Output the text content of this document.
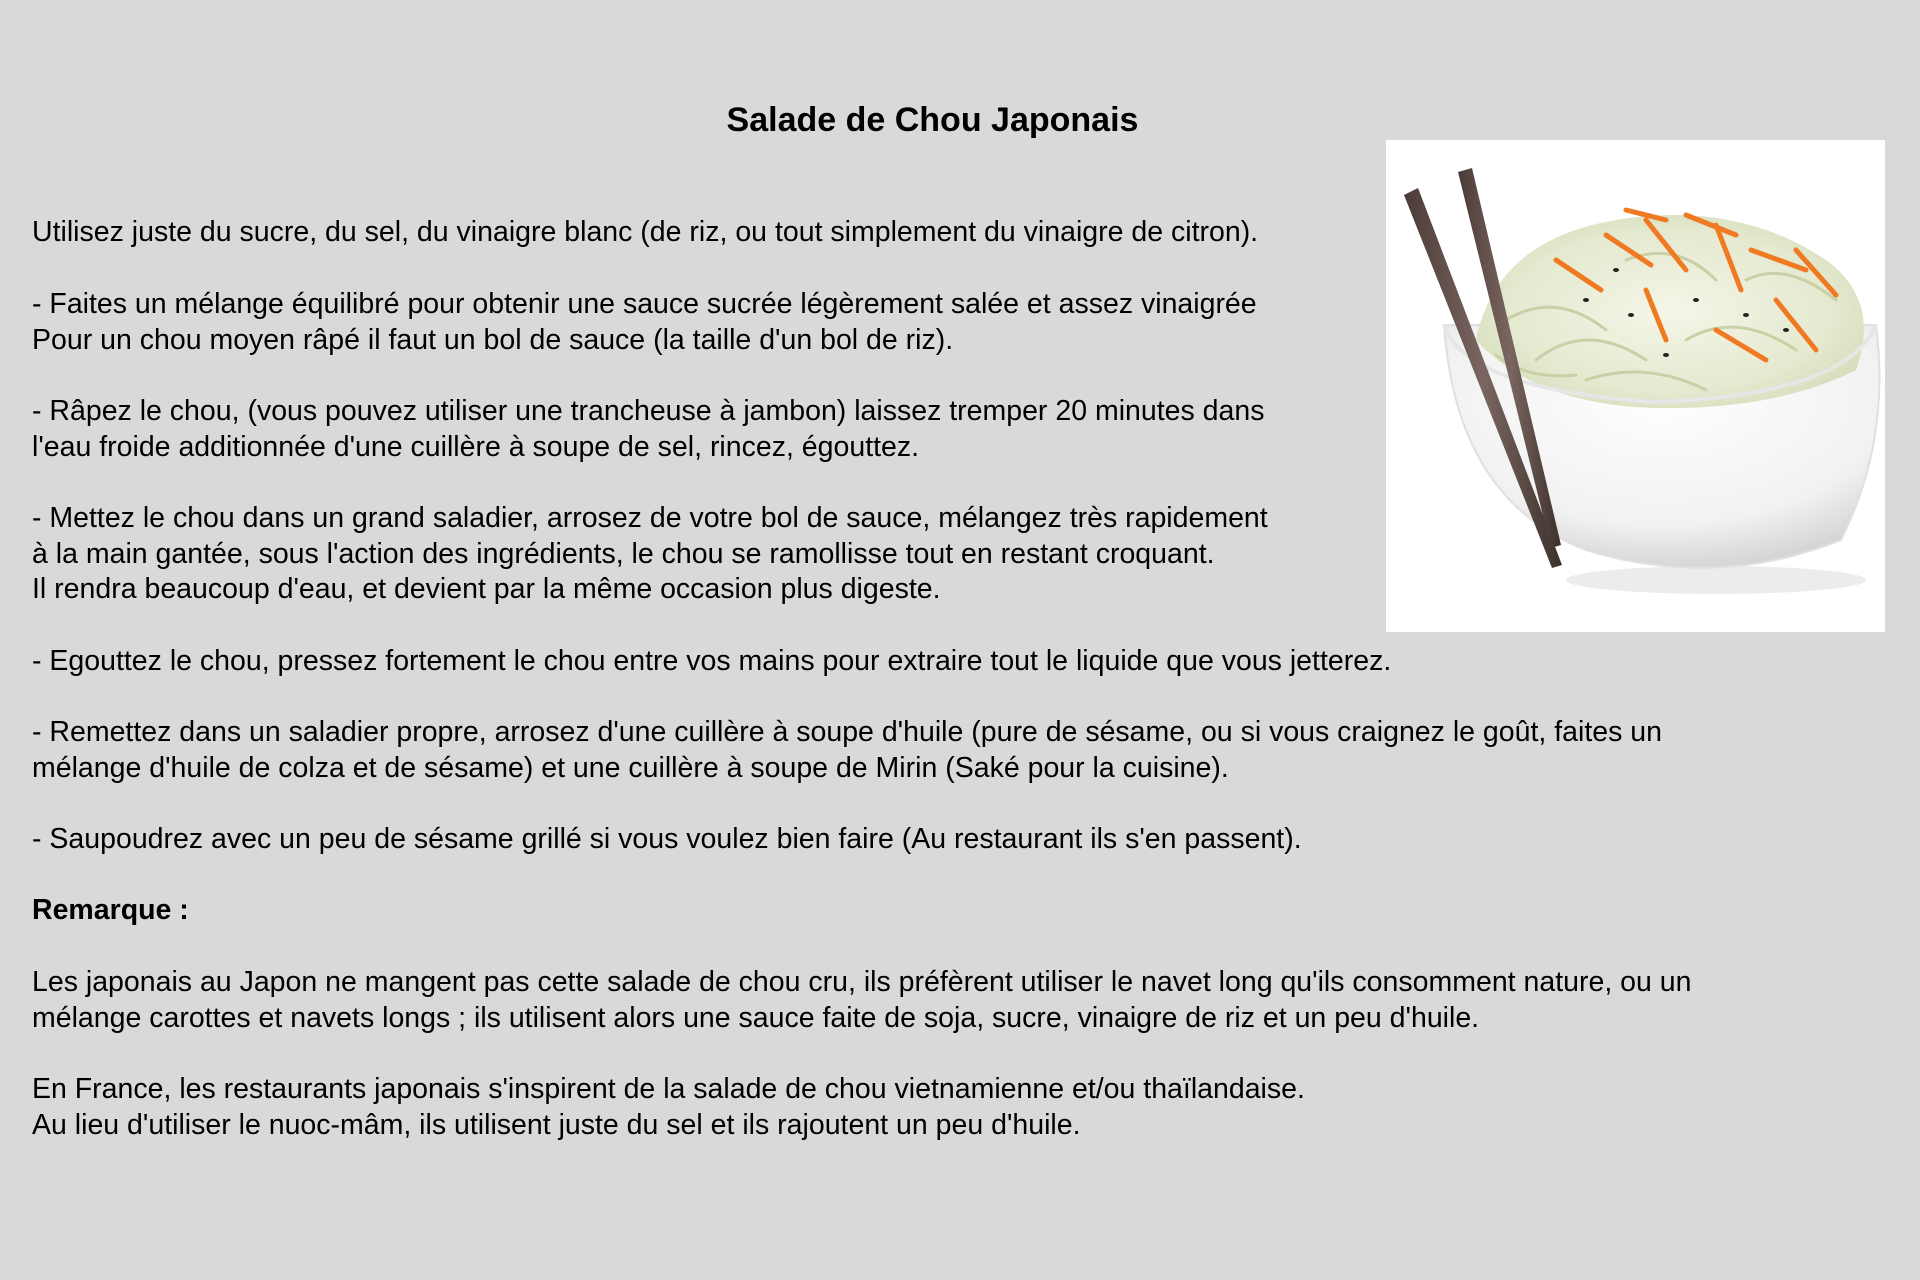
Salade de Chou Japonais

Utilisez juste du sucre, du sel, du vinaigre blanc (de riz, ou tout simplement du vinaigre de citron).

- Faites un mélange équilibré pour obtenir une sauce sucrée légèrement salée et assez vinaigrée

Pour un chou moyen râpé il faut un bol de sauce (la taille d'un bol de riz).

- Râpez le chou, (vous pouvez utiliser une trancheuse à jambon) laissez tremper 20 minutes dans

l'eau froide additionnée d'une cuillère à soupe de sel, rincez, égouttez.

- Mettez le chou dans un grand saladier, arrosez de votre bol de sauce, mélangez très rapidement

à la main gantée, sous l'action des ingrédients, le chou se ramollisse tout en restant croquant.

Il rendra beaucoup d'eau, et devient par la même occasion plus digeste.

- Egouttez le chou, pressez fortement le chou entre vos mains pour extraire tout le liquide que vous jetterez.

- Remettez dans un saladier propre, arrosez d'une cuillère à soupe d'huile (pure de sésame, ou si vous craignez le goût, faites un

mélange d'huile de colza et de sésame) et une cuillère à soupe de Mirin (Saké pour la cuisine).

- Saupoudrez avec un peu de sésame grillé si vous voulez bien faire (Au restaurant ils s'en passent).

Remarque :

Les japonais au Japon ne mangent pas cette salade de chou cru, ils préfèrent utiliser le navet long qu'ils consomment nature, ou un

mélange carottes et navets longs ; ils utilisent alors une sauce faite de soja, sucre, vinaigre de riz et un peu d'huile.

En France, les restaurants japonais s'inspirent de la salade de chou vietnamienne et/ou thaïlandaise.

Au lieu d'utiliser le nuoc-mâm, ils utilisent juste du sel et ils rajoutent un peu d'huile.
